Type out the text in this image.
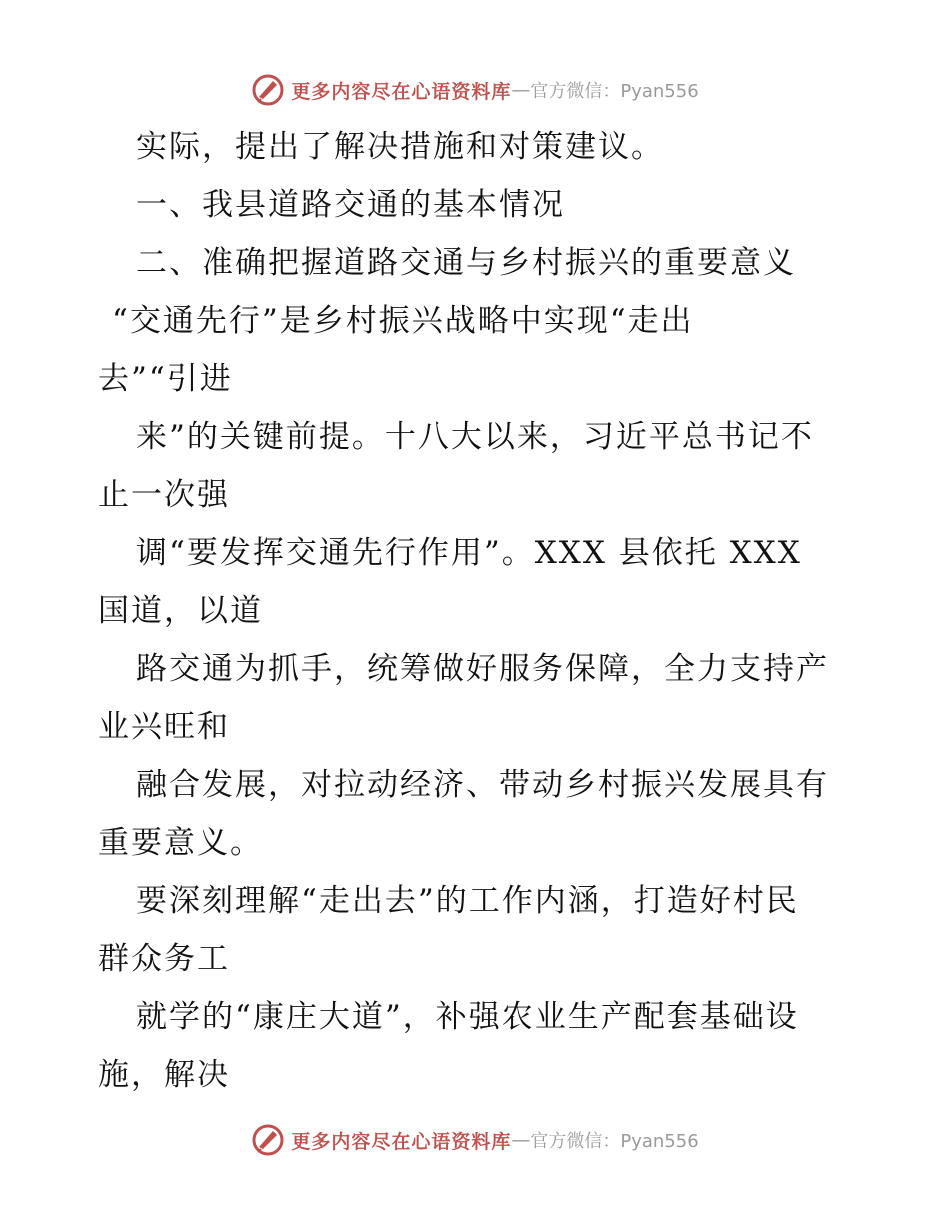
更多内容尽在心语资料库 — 官方微信：Pyan556
实际，提出了解决措施和对策建议。
一、我县道路交通的基本情况
二、准确把握道路交通与乡村振兴的重要意义
“交通先行”是乡村振兴战略中实现“走出
去”“引进
来”的关键前提。十八大以来，习近平总书记不
止一次强
调“要发挥交通先行作用”。XXX 县依托 XXX
国道，以道
路交通为抓手，统筹做好服务保障，全力支持产
业兴旺和
融合发展，对拉动经济、带动乡村振兴发展具有
重要意义。
要深刻理解“走出去”的工作内涵，打造好村民
群众务工
就学的“康庄大道”，补强农业生产配套基础设
施，解决
更多内容尽在心语资料库 — 官方微信：Pyan556
